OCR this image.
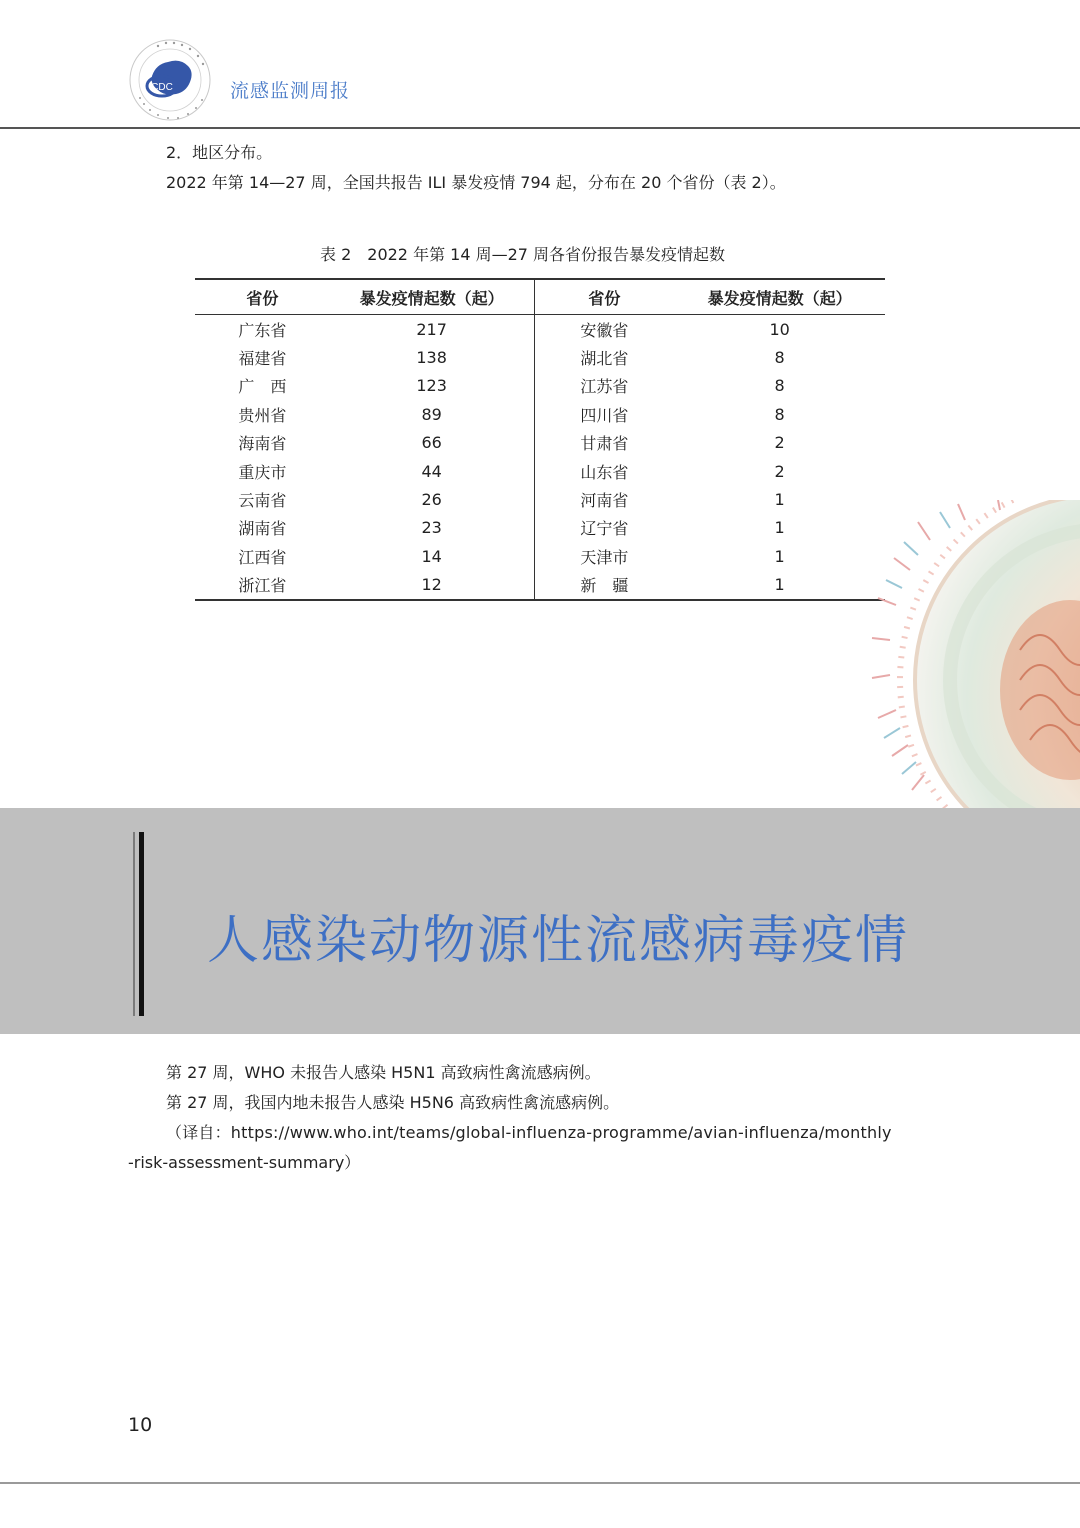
CDC	流感监测周报
2．地区分布。
2022 年第 14—27 周，全国共报告 ILI 暴发疫情 794 起，分布在 20 个省份（表 2）。
表 2　2022 年第 14 周—27 周各省份报告暴发疫情起数
省份	暴发疫情起数（起）	省份	暴发疫情起数（起）
广东省	217	安徽省	10
福建省	138	湖北省	8
广　西	123	江苏省	8
贵州省	89	四川省	8
海南省	66	甘肃省	2
重庆市	44	山东省	2
云南省	26	河南省	1
湖南省	23	辽宁省	1
江西省	14	天津市	1
浙江省	12	新　疆	1
人感染动物源性流感病毒疫情
第 27 周，WHO 未报告人感染 H5N1 高致病性禽流感病例。
第 27 周，我国内地未报告人感染 H5N6 高致病性禽流感病例。
（译自：https://www.who.int/teams/global-influenza-programme/avian-influenza/monthly
-risk-assessment-summary）
10
